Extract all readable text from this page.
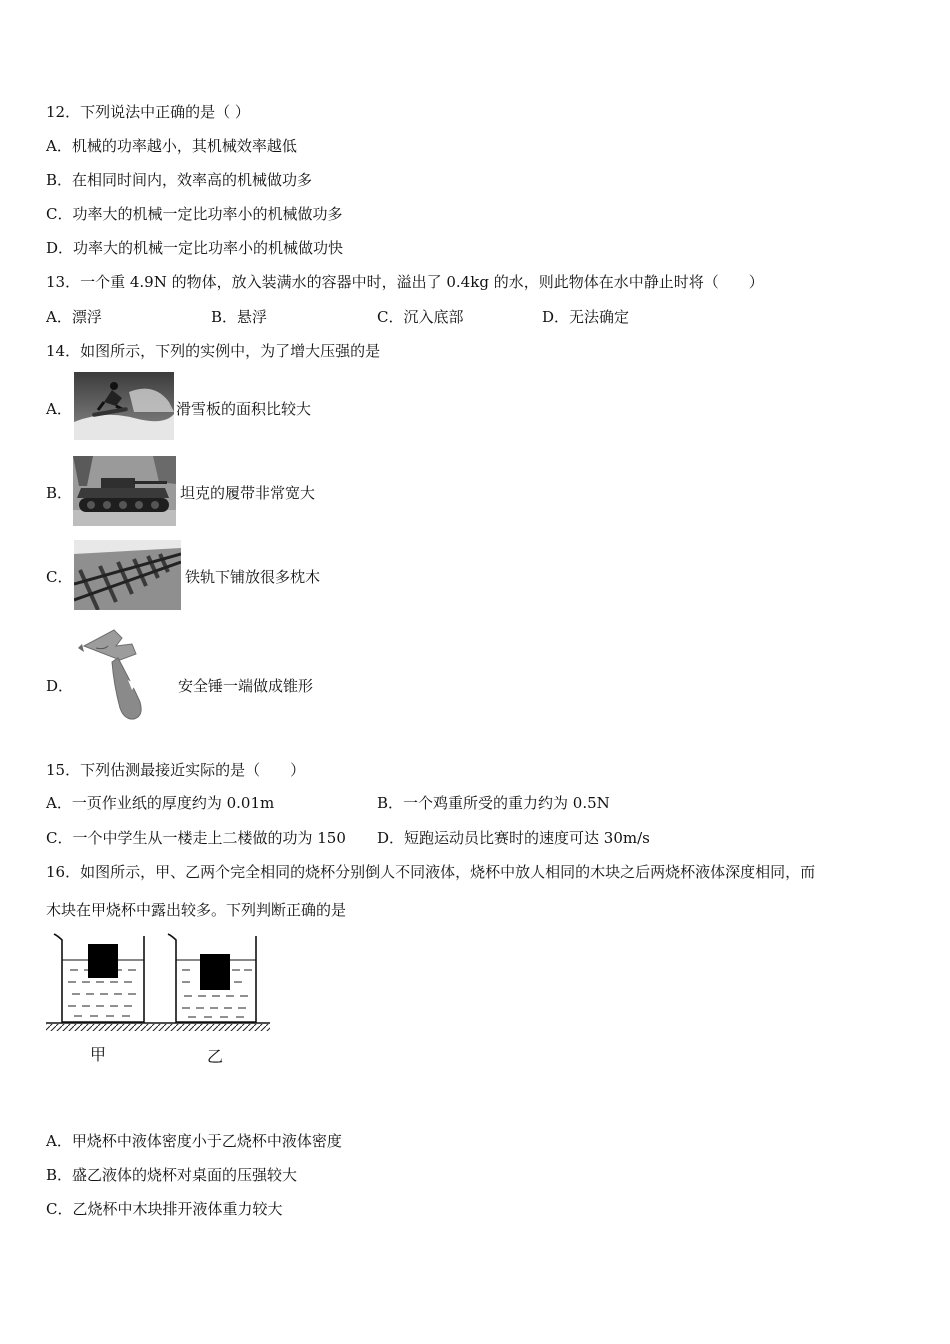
12．下列说法中正确的是（ ）
A．机械的功率越小，其机械效率越低
B．在相同时间内，效率高的机械做功多
C．功率大的机械一定比功率小的机械做功多
D．功率大的机械一定比功率小的机械做功快
13．一个重 4.9N 的物体，放入装满水的容器中时，溢出了 0.4kg 的水，则此物体在水中静止时将（　　）
A．漂浮	B．悬浮	C．沉入底部	D．无法确定
14．如图所示，下列的实例中，为了增大压强的是
A．	滑雪板的面积比较大
B．	坦克的履带非常宽大
C．	铁轨下铺放很多枕木
D．	安全锤一端做成锥形
15．下列估测最接近实际的是（　　）
A．一页作业纸的厚度约为 0.01m	B．一个鸡重所受的重力约为 0.5N
C．一个中学生从一楼走上二楼做的功为 150 D．短跑运动员比赛时的速度可达 30m/s
16．如图所示，甲、乙两个完全相同的烧杯分别倒人不同液体，烧杯中放人相同的木块之后两烧杯液体深度相同，而
木块在甲烧杯中露出较多。下列判断正确的是
甲	乙
A．甲烧杯中液体密度小于乙烧杯中液体密度
B．盛乙液体的烧杯对桌面的压强较大
C．乙烧杯中木块排开液体重力较大
